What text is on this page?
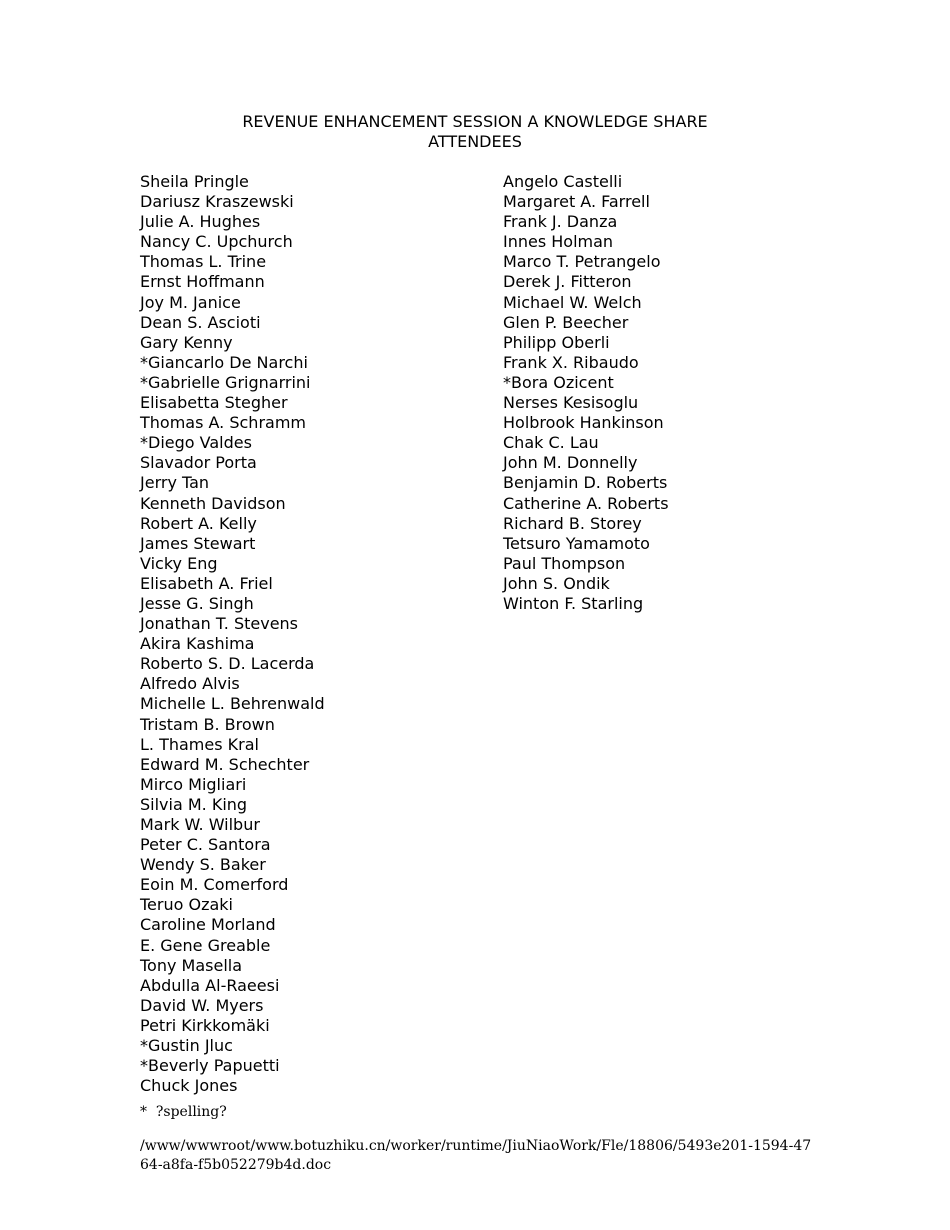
REVENUE ENHANCEMENT SESSION A KNOWLEDGE SHARE
ATTENDEES
Sheila Pringle
Dariusz Kraszewski
Julie A. Hughes
Nancy C. Upchurch
Thomas L. Trine
Ernst Hoffmann
Joy M. Janice
Dean S. Ascioti
Gary Kenny
*Giancarlo De Narchi
*Gabrielle Grignarrini
Elisabetta Stegher
Thomas A. Schramm
*Diego Valdes
Slavador Porta
Jerry Tan
Kenneth Davidson
Robert A. Kelly
James Stewart
Vicky Eng
Elisabeth A. Friel
Jesse G. Singh
Jonathan T. Stevens
Akira Kashima
Roberto S. D. Lacerda
Alfredo Alvis
Michelle L. Behrenwald
Tristam B. Brown
L. Thames Kral
Edward M. Schechter
Mirco Migliari
Silvia M. King
Mark W. Wilbur
Peter C. Santora
Wendy S. Baker
Eoin M. Comerford
Teruo Ozaki
Caroline Morland
E. Gene Greable
Tony Masella
Abdulla Al-Raeesi
David W. Myers
Petri Kirkkomäki
*Gustin Jluc
*Beverly Papuetti
Chuck Jones
Angelo Castelli
Margaret A. Farrell
Frank J. Danza
Innes Holman
Marco T. Petrangelo
Derek J. Fitteron
Michael W. Welch
Glen P. Beecher
Philipp Oberli
Frank X. Ribaudo
*Bora Ozicent
Nerses Kesisoglu
Holbrook Hankinson
Chak C. Lau
John M. Donnelly
Benjamin D. Roberts
Catherine A. Roberts
Richard B. Storey
Tetsuro Yamamoto
Paul Thompson
John S. Ondik
Winton F. Starling
*  ?spelling?
/www/wwwroot/www.botuzhiku.cn/worker/runtime/JiuNiaoWork/Fle/18806/5493e201-1594-4764-a8fa-f5b052279b4d.doc
